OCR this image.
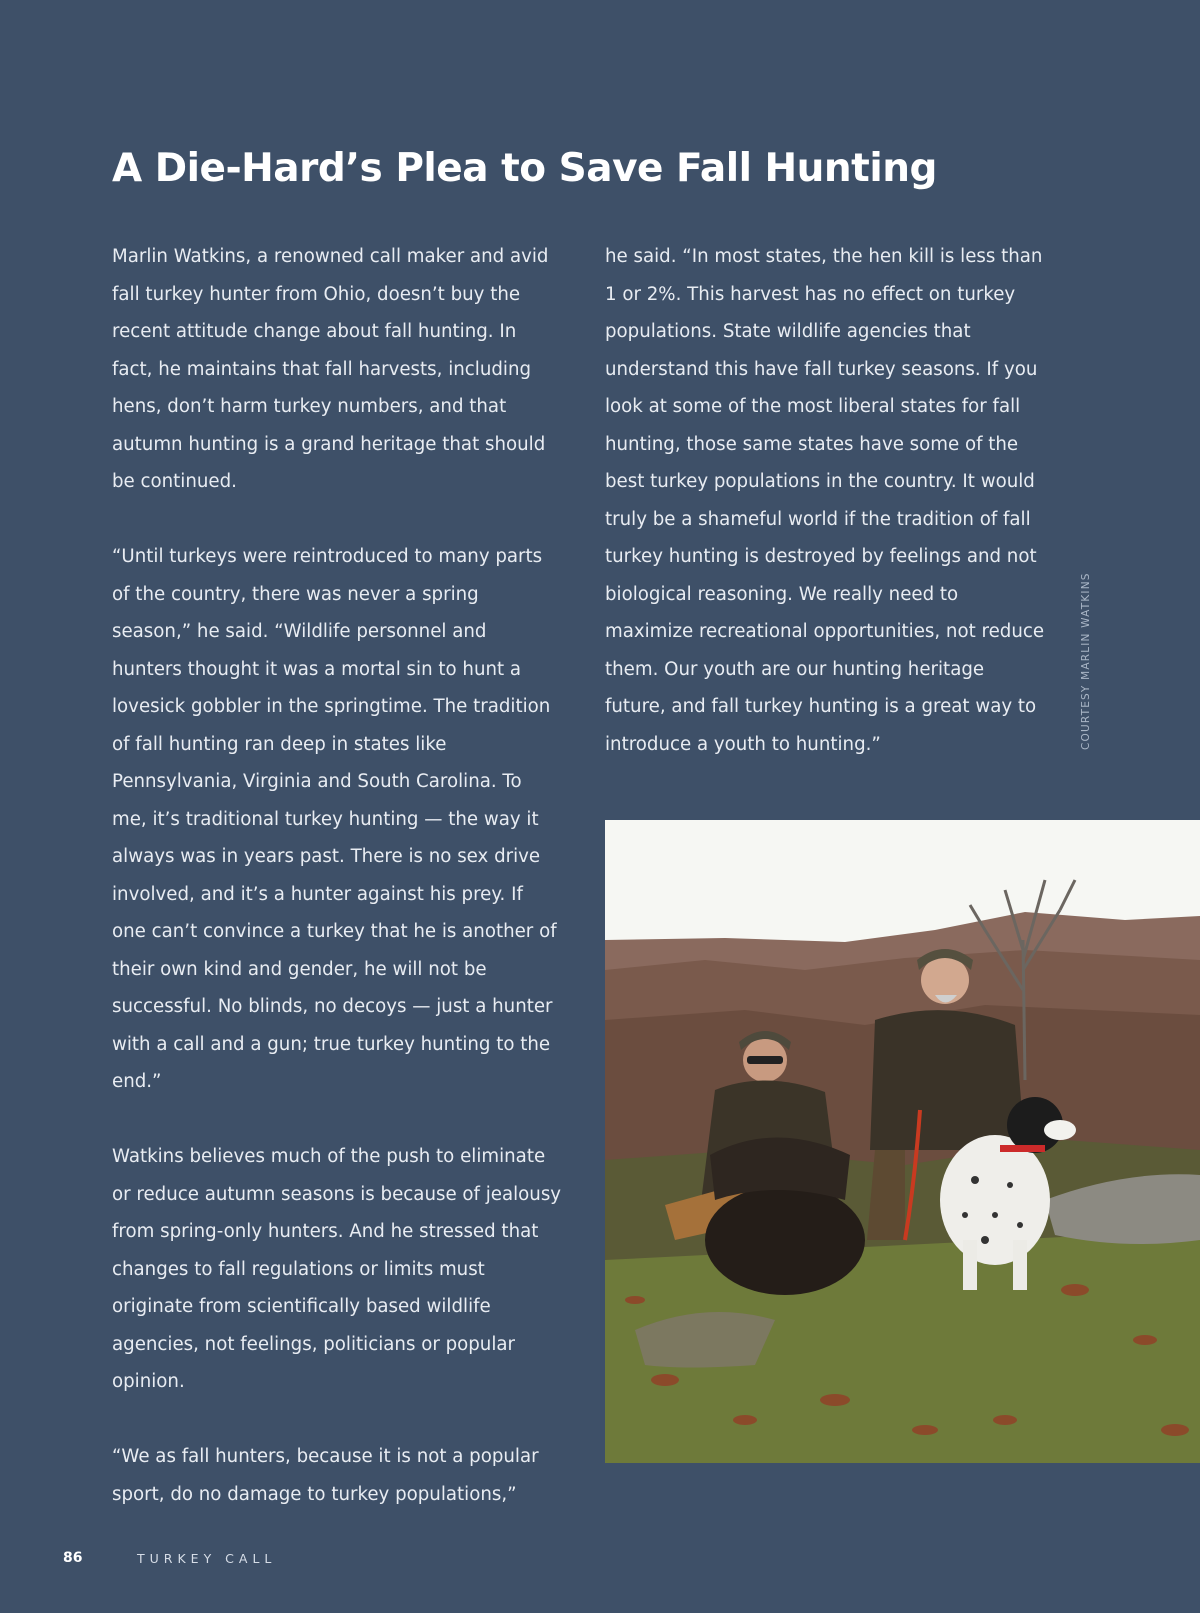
A Die-Hard’s Plea to Save Fall Hunting

Marlin Watkins, a renowned call maker and avid fall turkey hunter from Ohio, doesn’t buy the recent attitude change about fall hunting. In fact, he maintains that fall harvests, including hens, don’t harm turkey numbers, and that autumn hunting is a grand heritage that should be continued.

“Until turkeys were reintroduced to many parts of the country, there was never a spring season,” he said. “Wildlife personnel and hunters thought it was a mortal sin to hunt a lovesick gobbler in the springtime. The tradition of fall hunting ran deep in states like Pennsylvania, Virginia and South Carolina. To me, it’s traditional turkey hunting — the way it always was in years past. There is no sex drive involved, and it’s a hunter against his prey. If one can’t convince a turkey that he is another of their own kind and gender, he will not be successful. No blinds, no decoys — just a hunter with a call and a gun; true turkey hunting to the end.”

Watkins believes much of the push to eliminate or reduce autumn seasons is because of jealousy from spring-only hunters. And he stressed that changes to fall regulations or limits must originate from scientifically based wildlife agencies, not feelings, politicians or popular opinion.

“We as fall hunters, because it is not a popular sport, do no damage to turkey populations,”

he said. “In most states, the hen kill is less than 1 or 2%. This harvest has no effect on turkey populations. State wildlife agencies that understand this have fall turkey seasons. If you look at some of the most liberal states for fall hunting, those same states have some of the best turkey populations in the country. It would truly be a shameful world if the tradition of fall turkey hunting is destroyed by feelings and not biological reasoning. We really need to maximize recreational opportunities, not reduce them. Our youth are our hunting heritage future, and fall turkey hunting is a great way to introduce a youth to hunting.”	COURTESY MARLIN WATKINS
86	TURKEY CALL
